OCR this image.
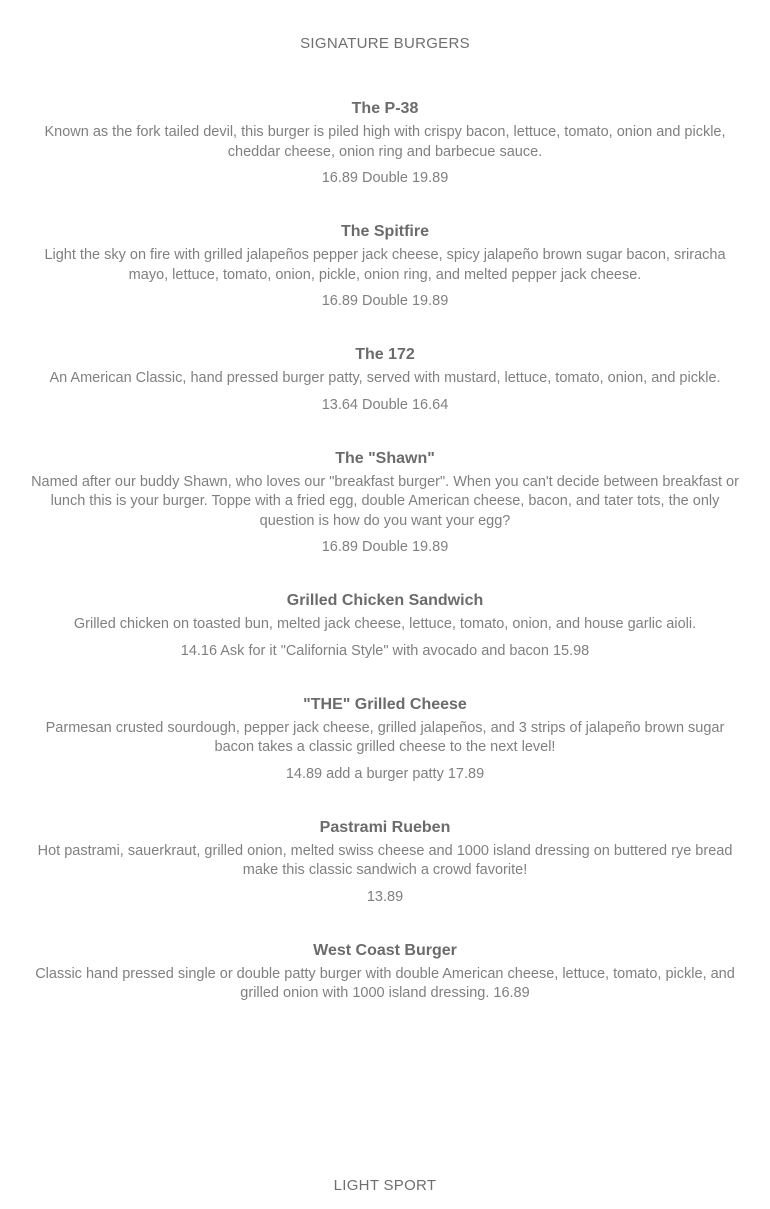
SIGNATURE BURGERS
The P-38
Known as the fork tailed devil, this burger is piled high with crispy bacon, lettuce, tomato, onion and pickle, cheddar cheese, onion ring and barbecue sauce.
16.89 Double 19.89
The Spitfire
Light the sky on fire with grilled jalapeños pepper jack cheese, spicy jalapeño brown sugar bacon, sriracha mayo, lettuce, tomato, onion, pickle, onion ring, and melted pepper jack cheese.
16.89 Double 19.89
The 172
An American Classic, hand pressed burger patty, served with mustard, lettuce, tomato, onion, and pickle.
13.64 Double 16.64
The "Shawn"
Named after our buddy Shawn, who loves our "breakfast burger". When you can't decide between breakfast or lunch this is your burger. Toppe with a fried egg, double American cheese, bacon, and tater tots, the only question is how do you want your egg?
16.89 Double 19.89
Grilled Chicken Sandwich
Grilled chicken on toasted bun, melted jack cheese, lettuce, tomato, onion, and house garlic aioli.
14.16 Ask for it "California Style" with avocado and bacon 15.98
"THE" Grilled Cheese
Parmesan crusted sourdough, pepper jack cheese, grilled jalapeños, and 3 strips of jalapeño brown sugar bacon takes a classic grilled cheese to the next level!
14.89 add a burger patty 17.89
Pastrami Rueben
Hot pastrami, sauerkraut, grilled onion, melted swiss cheese and 1000 island dressing on buttered rye bread make this classic sandwich a crowd favorite!
13.89
West Coast Burger
Classic hand pressed single or double patty burger with double American cheese, lettuce, tomato, pickle, and grilled onion with 1000 island dressing. 16.89
LIGHT SPORT
